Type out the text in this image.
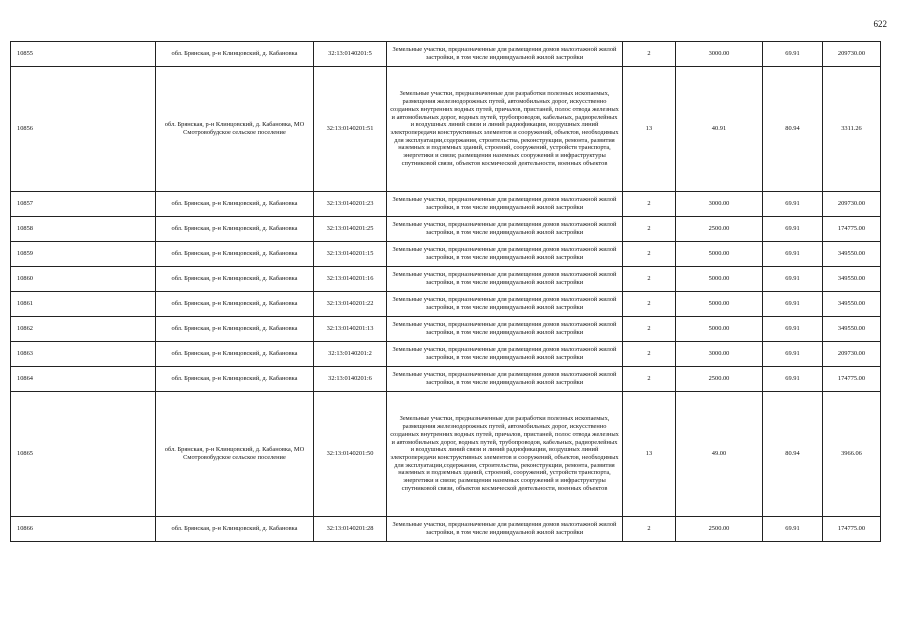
622
10855	обл. Брянская, р-н Клинцовский, д. Кабановка	32:13:0140201:5	Земельные участки, предназначенные для размещения домов малоэтажной жилой застройки, в том числе индивидуальной жилой застройки	2	3000.00	69.91	209730.00
10856	обл. Брянская, р-н Клинцовский, д. Кабановка, МО Смотровобудское сельское поселение	32:13:0140201:51	Земельные участки, предназначенные для разработки полезных ископаемых, размещения железнодорожных путей, автомобильных дорог, искусственно созданных внутренних водных путей, причалов, пристаней, полос отвода железных и автомобильных дорог, водных путей, трубопроводов, кабельных, радиорелейных и воздушных линий связи и линий радиофикации, воздушных линий электропередачи конструктивных элементов и сооружений, объектов, необходимых для эксплуатации,содержания, строительства, реконструкции, ремонта, развития наземных и подземных зданий, строений, сооружений, устройств транспорта, энергетики и связи; размещения наземных сооружений и инфраструктуры спутниковой связи, объектов космической деятельности, военных объектов	13	40.91	80.94	3311.26
10857	обл. Брянская, р-н Клинцовский, д. Кабановка	32:13:0140201:23	Земельные участки, предназначенные для размещения домов малоэтажной жилой застройки, в том числе индивидуальной жилой застройки	2	3000.00	69.91	209730.00
10858	обл. Брянская, р-н Клинцовский, д. Кабановка	32:13:0140201:25	Земельные участки, предназначенные для размещения домов малоэтажной жилой застройки, в том числе индивидуальной жилой застройки	2	2500.00	69.91	174775.00
10859	обл. Брянская, р-н Клинцовский, д. Кабановка	32:13:0140201:15	Земельные участки, предназначенные для размещения домов малоэтажной жилой застройки, в том числе индивидуальной жилой застройки	2	5000.00	69.91	349550.00
10860	обл. Брянская, р-н Клинцовский, д. Кабановка	32:13:0140201:16	Земельные участки, предназначенные для размещения домов малоэтажной жилой застройки, в том числе индивидуальной жилой застройки	2	5000.00	69.91	349550.00
10861	обл. Брянская, р-н Клинцовский, д. Кабановка	32:13:0140201:22	Земельные участки, предназначенные для размещения домов малоэтажной жилой застройки, в том числе индивидуальной жилой застройки	2	5000.00	69.91	349550.00
10862	обл. Брянская, р-н Клинцовский, д. Кабановка	32:13:0140201:13	Земельные участки, предназначенные для размещения домов малоэтажной жилой застройки, в том числе индивидуальной жилой застройки	2	5000.00	69.91	349550.00
10863	обл. Брянская, р-н Клинцовский, д. Кабановка	32:13:0140201:2	Земельные участки, предназначенные для размещения домов малоэтажной жилой застройки, в том числе индивидуальной жилой застройки	2	3000.00	69.91	209730.00
10864	обл. Брянская, р-н Клинцовский, д. Кабановка	32:13:0140201:6	Земельные участки, предназначенные для размещения домов малоэтажной жилой застройки, в том числе индивидуальной жилой застройки	2	2500.00	69.91	174775.00
10865	обл. Брянская, р-н Клинцовский, д. Кабановка, МО Смотровобудское сельское поселение	32:13:0140201:50	Земельные участки, предназначенные для разработки полезных ископаемых, размещения железнодорожных путей, автомобильных дорог, искусственно созданных внутренних водных путей, причалов, пристаней, полос отвода железных и автомобильных дорог, водных путей, трубопроводов, кабельных, радиорелейных и воздушных линий связи и линий радиофикации, воздушных линий электропередачи конструктивных элементов и сооружений, объектов, необходимых для эксплуатации,содержания, строительства, реконструкции, ремонта, развития наземных и подземных зданий, строений, сооружений, устройств транспорта, энергетики и связи; размещения наземных сооружений и инфраструктуры спутниковой связи, объектов космической деятельности, военных объектов	13	49.00	80.94	3966.06
10866	обл. Брянская, р-н Клинцовский, д. Кабановка	32:13:0140201:28	Земельные участки, предназначенные для размещения домов малоэтажной жилой застройки, в том числе индивидуальной жилой застройки	2	2500.00	69.91	174775.00
